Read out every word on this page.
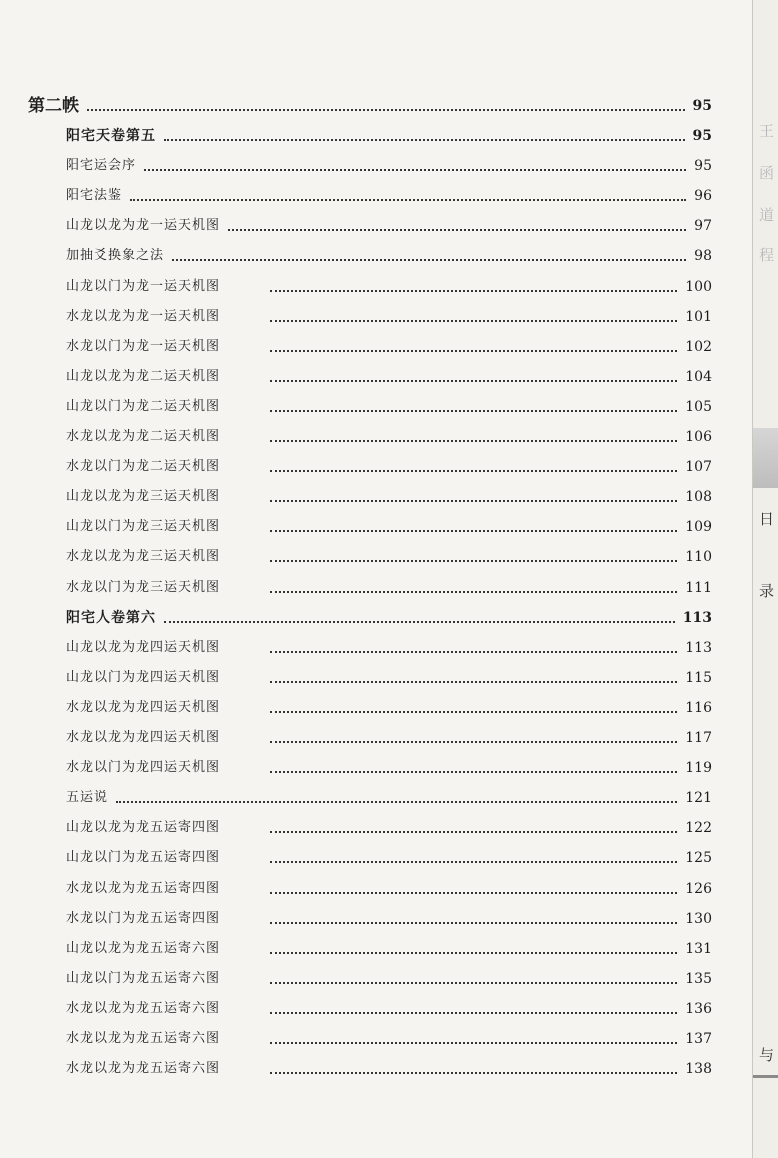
第二帙	95
阳宅天卷第五	95
阳宅运会序	95
阳宅法鉴	96
山龙以龙为龙一运天机图	97
加抽爻换象之法	98
山龙以门为龙一运天机图	100
水龙以龙为龙一运天机图	101
水龙以门为龙一运天机图	102
山龙以龙为龙二运天机图	104
山龙以门为龙二运天机图	105
水龙以龙为龙二运天机图	106
水龙以门为龙二运天机图	107
山龙以龙为龙三运天机图	108
山龙以门为龙三运天机图	109
水龙以龙为龙三运天机图	110
水龙以门为龙三运天机图	111
阳宅人卷第六	113
山龙以龙为龙四运天机图	113
山龙以门为龙四运天机图	115
水龙以龙为龙四运天机图	116
水龙以龙为龙四运天机图	117
水龙以门为龙四运天机图	119
五运说	121
山龙以龙为龙五运寄四图	122
山龙以门为龙五运寄四图	125
水龙以龙为龙五运寄四图	126
水龙以门为龙五运寄四图	130
山龙以龙为龙五运寄六图	131
山龙以门为龙五运寄六图	135
水龙以龙为龙五运寄六图	136
水龙以龙为龙五运寄六图	137
水龙以龙为龙五运寄六图	138
王
函
道
程
日
录
与
